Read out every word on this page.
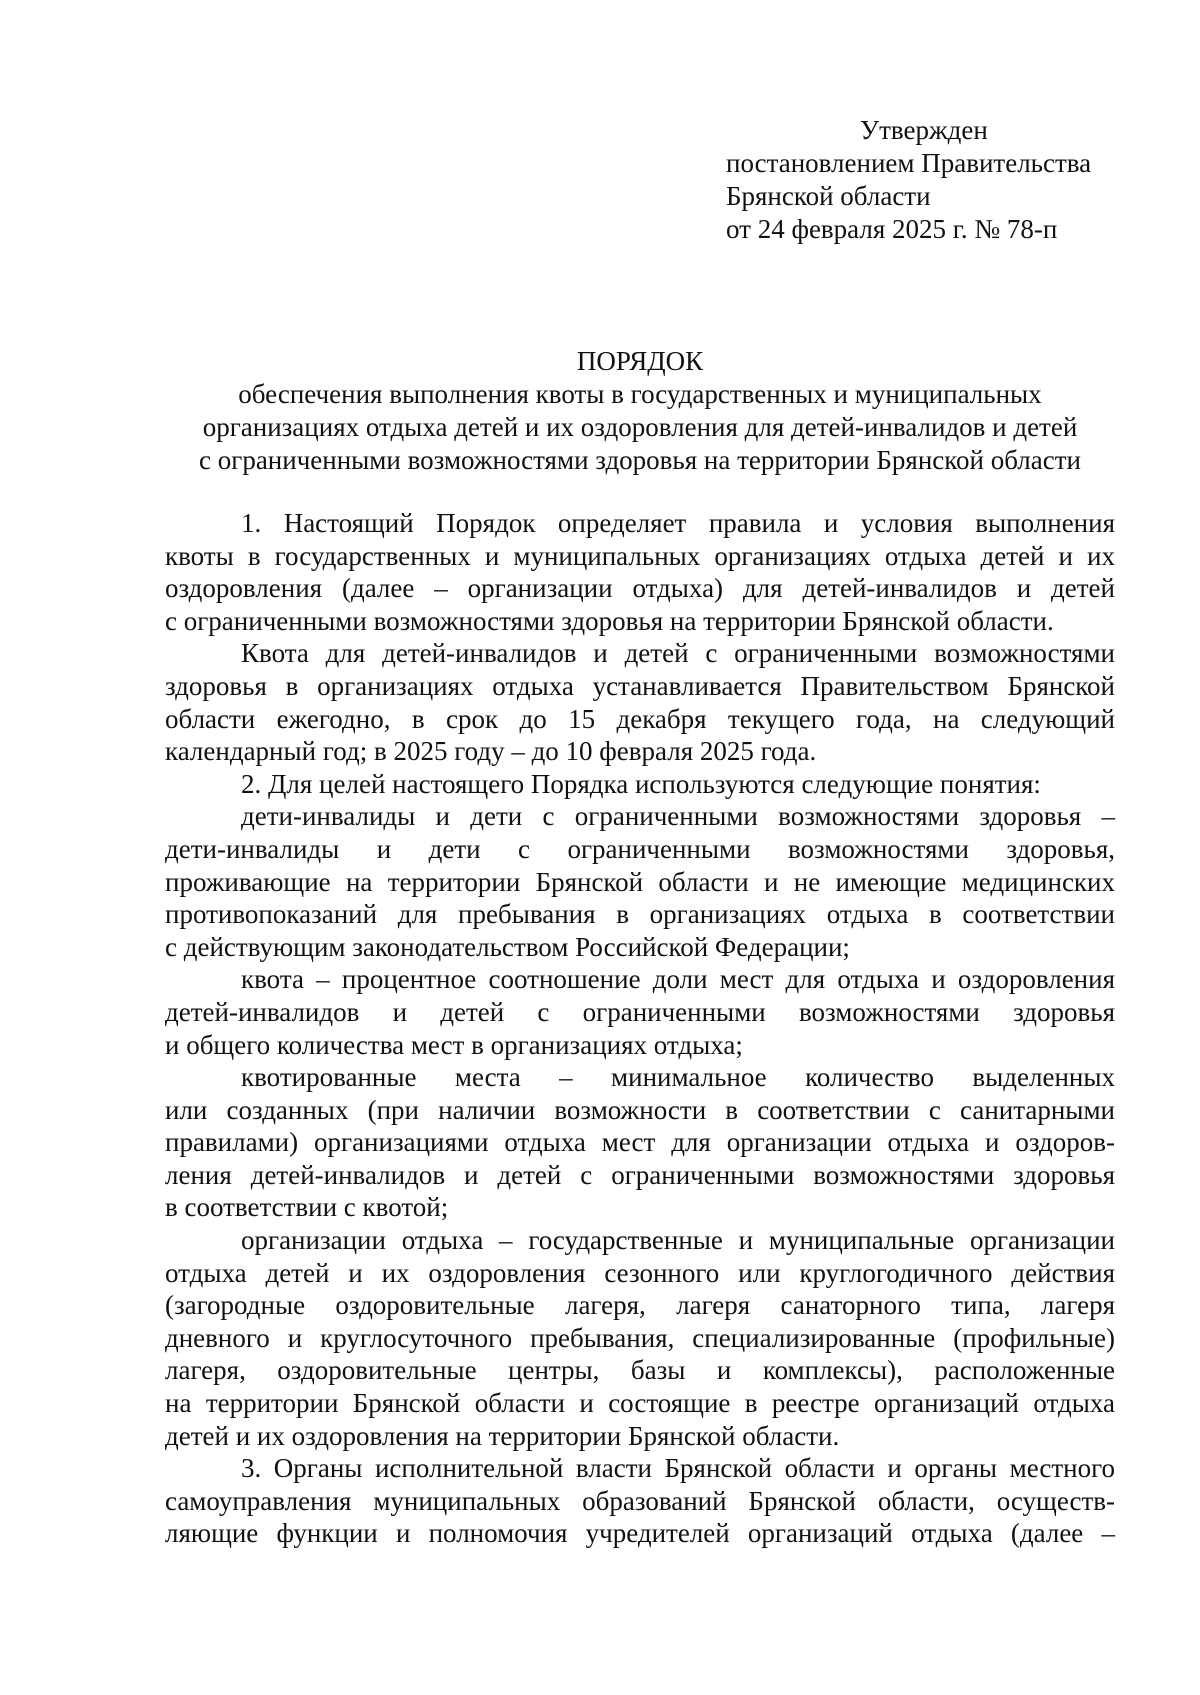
Утвержден
постановлением Правительства
Брянской области
от 24 февраля 2025 г. № 78-п
ПОРЯДОК
обеспечения выполнения квоты в государственных и муниципальных
организациях отдыха детей и их оздоровления для детей-инвалидов и детей
с ограниченными возможностями здоровья на территории Брянской области
1. Настоящий Порядок определяет правила и условия выполнения
квоты в государственных и муниципальных организациях отдыха детей и их
оздоровления (далее – организации отдыха) для детей-инвалидов и детей
с ограниченными возможностями здоровья на территории Брянской области.
Квота для детей-инвалидов и детей с ограниченными возможностями
здоровья в организациях отдыха устанавливается Правительством Брянской
области ежегодно, в срок до 15 декабря текущего года, на следующий
календарный год; в 2025 году – до 10 февраля 2025 года.
2. Для целей настоящего Порядка используются следующие понятия:
дети-инвалиды и дети с ограниченными возможностями здоровья –
дети-инвалиды и дети с ограниченными возможностями здоровья,
проживающие на территории Брянской области и не имеющие медицинских
противопоказаний для пребывания в организациях отдыха в соответствии
с действующим законодательством Российской Федерации;
квота – процентное соотношение доли мест для отдыха и оздоровления
детей-инвалидов и детей с ограниченными возможностями здоровья
и общего количества мест в организациях отдыха;
квотированные места – минимальное количество выделенных
или созданных (при наличии возможности в соответствии с санитарными
правилами) организациями отдыха мест для организации отдыха и оздоров-
ления детей-инвалидов и детей с ограниченными возможностями здоровья
в соответствии с квотой;
организации отдыха – государственные и муниципальные организации
отдыха детей и их оздоровления сезонного или круглогодичного действия
(загородные оздоровительные лагеря, лагеря санаторного типа, лагеря
дневного и круглосуточного пребывания, специализированные (профильные)
лагеря, оздоровительные центры, базы и комплексы), расположенные
на территории Брянской области и состоящие в реестре организаций отдыха
детей и их оздоровления на территории Брянской области.
3. Органы исполнительной власти Брянской области и органы местного
самоуправления муниципальных образований Брянской области, осуществ-
ляющие функции и полномочия учредителей организаций отдыха (далее –
